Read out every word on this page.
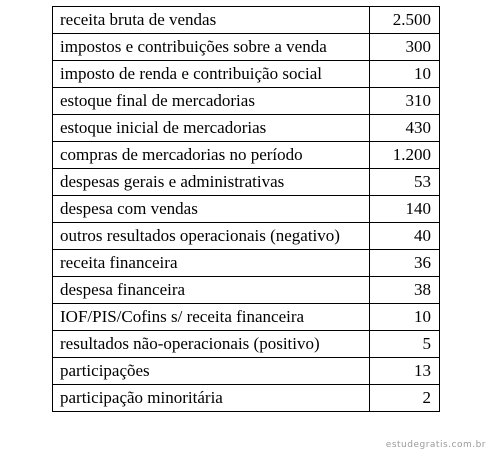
receita bruta de vendas	2.500
impostos e contribuições sobre a venda	300
imposto de renda e contribuição social	10
estoque final de mercadorias	310
estoque inicial de mercadorias	430
compras de mercadorias no período	1.200
despesas gerais e administrativas	53
despesa com vendas	140
outros resultados operacionais (negativo)	40
receita financeira	36
despesa financeira	38
IOF/PIS/Cofins s/ receita financeira	10
resultados não-operacionais (positivo)	5
participações	13
participação minoritária	2
estudegratis.com.br
